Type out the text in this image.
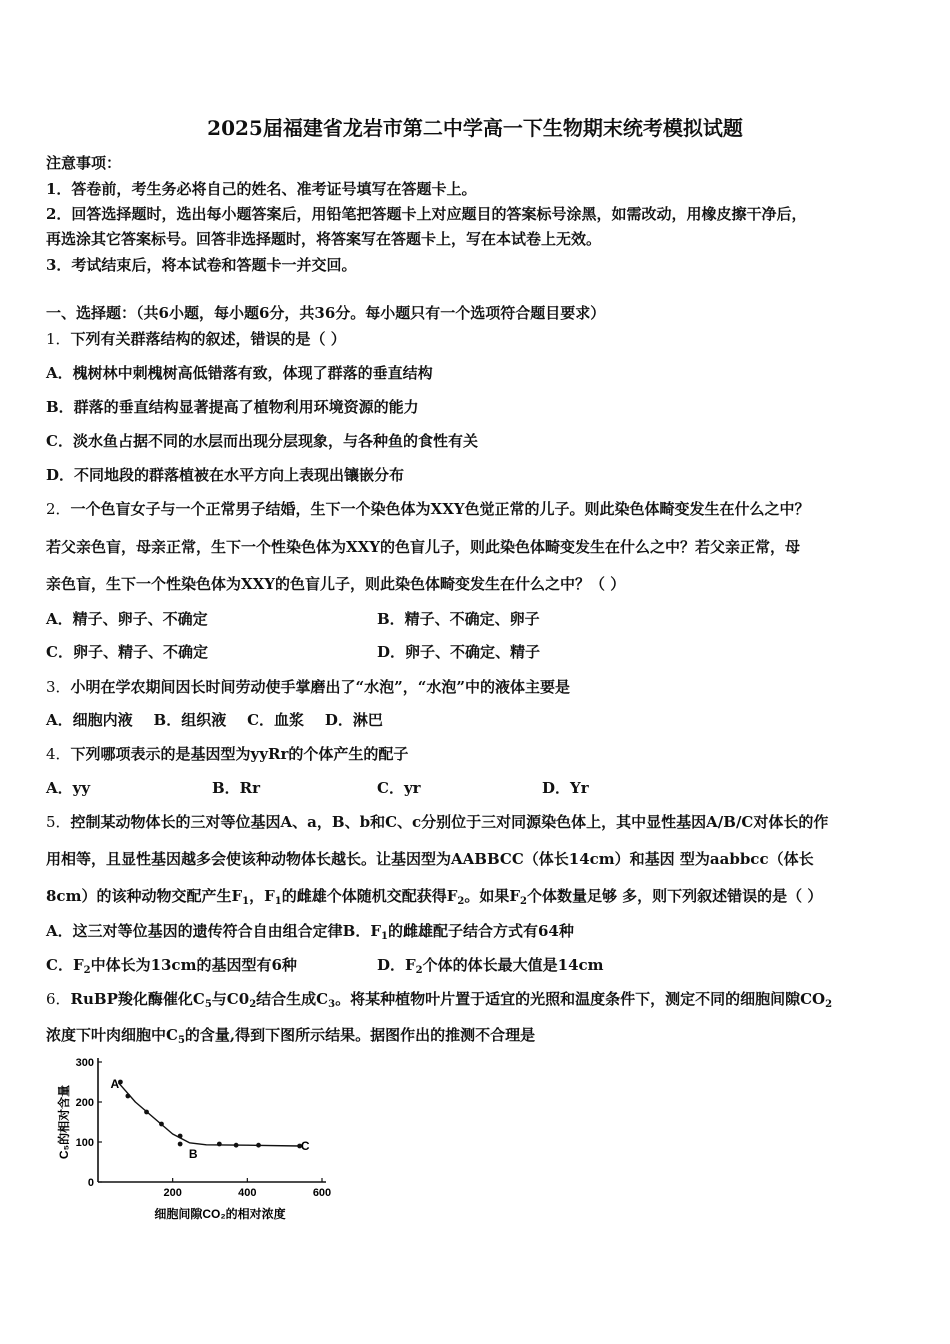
2025届福建省龙岩市第二中学高一下生物期末统考模拟试题
注意事项：
1．答卷前，考生务必将自己的姓名、准考证号填写在答题卡上。
2．回答选择题时，选出每小题答案后，用铅笔把答题卡上对应题目的答案标号涂黑，如需改动，用橡皮擦干净后，
再选涂其它答案标号。回答非选择题时，将答案写在答题卡上，写在本试卷上无效。
3．考试结束后，将本试卷和答题卡一并交回。
一、选择题：（共6小题，每小题6分，共36分。每小题只有一个选项符合题目要求）
1．下列有关群落结构的叙述，错误的是（ ）
A．槐树林中刺槐树高低错落有致，体现了群落的垂直结构
B．群落的垂直结构显著提高了植物利用环境资源的能力
C．淡水鱼占据不同的水层而出现分层现象，与各种鱼的食性有关
D．不同地段的群落植被在水平方向上表现出镶嵌分布
2．一个色盲女子与一个正常男子结婚，生下一个染色体为XXY色觉正常的儿子。则此染色体畸变发生在什么之中？
若父亲色盲，母亲正常，生下一个性染色体为XXY的色盲儿子，则此染色体畸变发生在什么之中？若父亲正常，母
亲色盲，生下一个性染色体为XXY的色盲儿子，则此染色体畸变发生在什么之中？（ ）
A．精子、卵子、不确定	B．精子、不确定、卵子
C．卵子、精子、不确定	D．卵子、不确定、精子
3．小明在学农期间因长时间劳动使手掌磨出了“水泡”，“水泡”中的液体主要是
A．细胞内液    B．组织液    C．血浆    D．淋巴
4．下列哪项表示的是基因型为yyRr的个体产生的配子
A．yy	B．Rr	C．yr	D．Yr
5．控制某动物体长的三对等位基因A、a，B、b和C、c分别位于三对同源染色体上，其中显性基因A/B/C对体长的作
用相等，且显性基因越多会使该种动物体长越长。让基因型为AABBCC（体长14cm）和基因 型为aabbcc（体长
8cm）的该种动物交配产生$F_1$，$F_1$的雌雄个体随机交配获得$F_2$。如果$F_2$个体数量足够 多，则下列叙述错误的是（ ）
A．这三对等位基因的遗传符合自由组合定律B．$F_1$的雌雄配子结合方式有64种
C．$F_2$中体长为13cm的基因型有6种	D．$F_2$个体的体长最大值是14cm
6．RuBP羧化酶催化$C_5$与$C0_2$结合生成$C_3$。将某种植物叶片置于适宜的光照和温度条件下，测定不同的细胞间隙$CO_2$
浓度下叶肉细胞中$C_5$的含量,得到下图所示结果。据图作出的推测不合理是
0
100
200
300
200	400	600
A
B
C
细胞间隙CO₂的相对浓度
C₅的相对含量
